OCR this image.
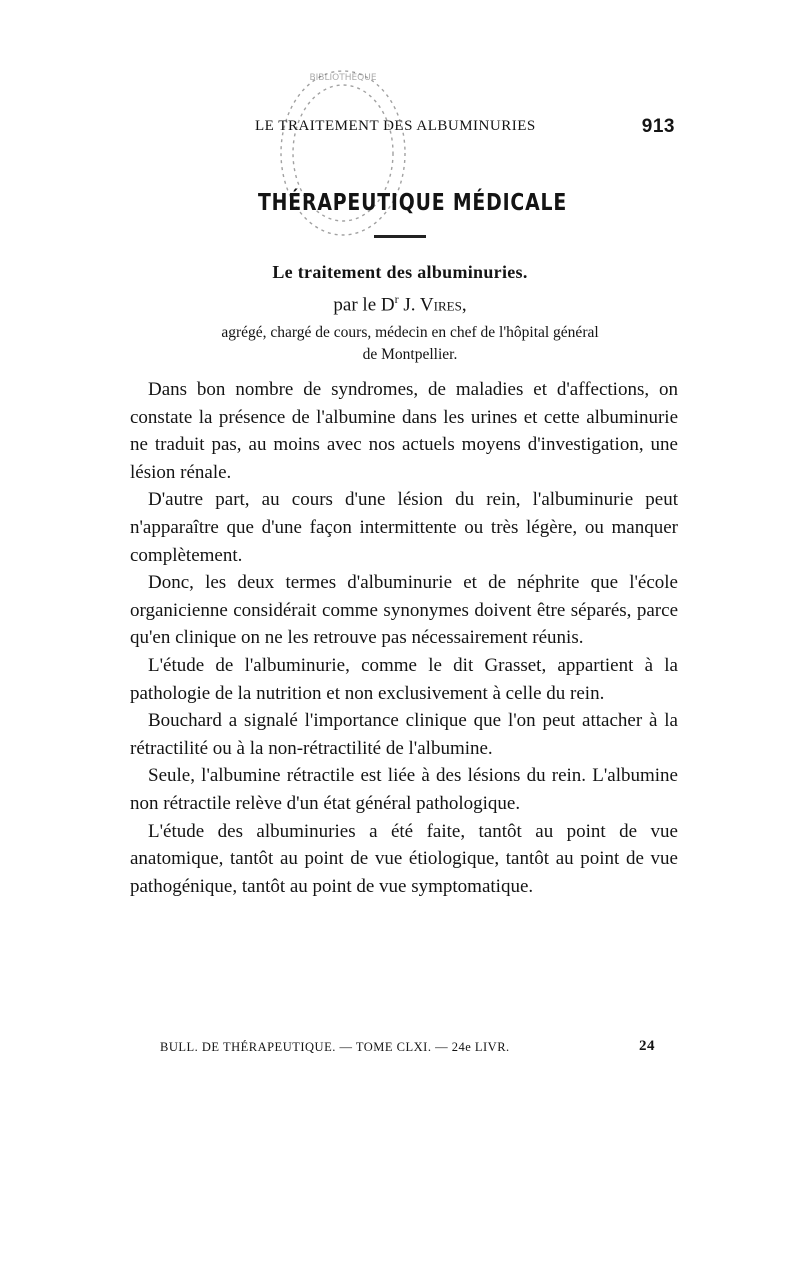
LE TRAITEMENT DES ALBUMINURIES	913
BIBLIOTHÈQUE
THÉRAPEUTIQUE MÉDICALE
Le traitement des albuminuries.
par le $D^r$ J. Vires,
agrégé, chargé de cours, médecin en chef de l'hôpital général
de Montpellier.

Dans bon nombre de syndromes, de maladies et d'affections, on constate la présence de l'albumine dans les urines et cette albuminurie ne traduit pas, au moins avec nos actuels moyens d'investigation, une lésion rénale.

D'autre part, au cours d'une lésion du rein, l'albuminurie peut n'apparaître que d'une façon intermittente ou très légère, ou manquer complètement.

Donc, les deux termes d'albuminurie et de néphrite que l'école organicienne considérait comme synonymes doivent être séparés, parce qu'en clinique on ne les retrouve pas nécessairement réunis.

L'étude de l'albuminurie, comme le dit Grasset, appartient à la pathologie de la nutrition et non exclusivement à celle du rein.

Bouchard a signalé l'importance clinique que l'on peut attacher à la rétractilité ou à la non-rétractilité de l'albumine.

Seule, l'albumine rétractile est liée à des lésions du rein. L'albumine non rétractile relève d'un état général pathologique.

L'étude des albuminuries a été faite, tantôt au point de vue anatomique, tantôt au point de vue étiologique, tantôt au point de vue pathogénique, tantôt au point de vue symptomatique.

BULL. DE THÉRAPEUTIQUE. — TOME CLXI. — 24e LIVR.	24
